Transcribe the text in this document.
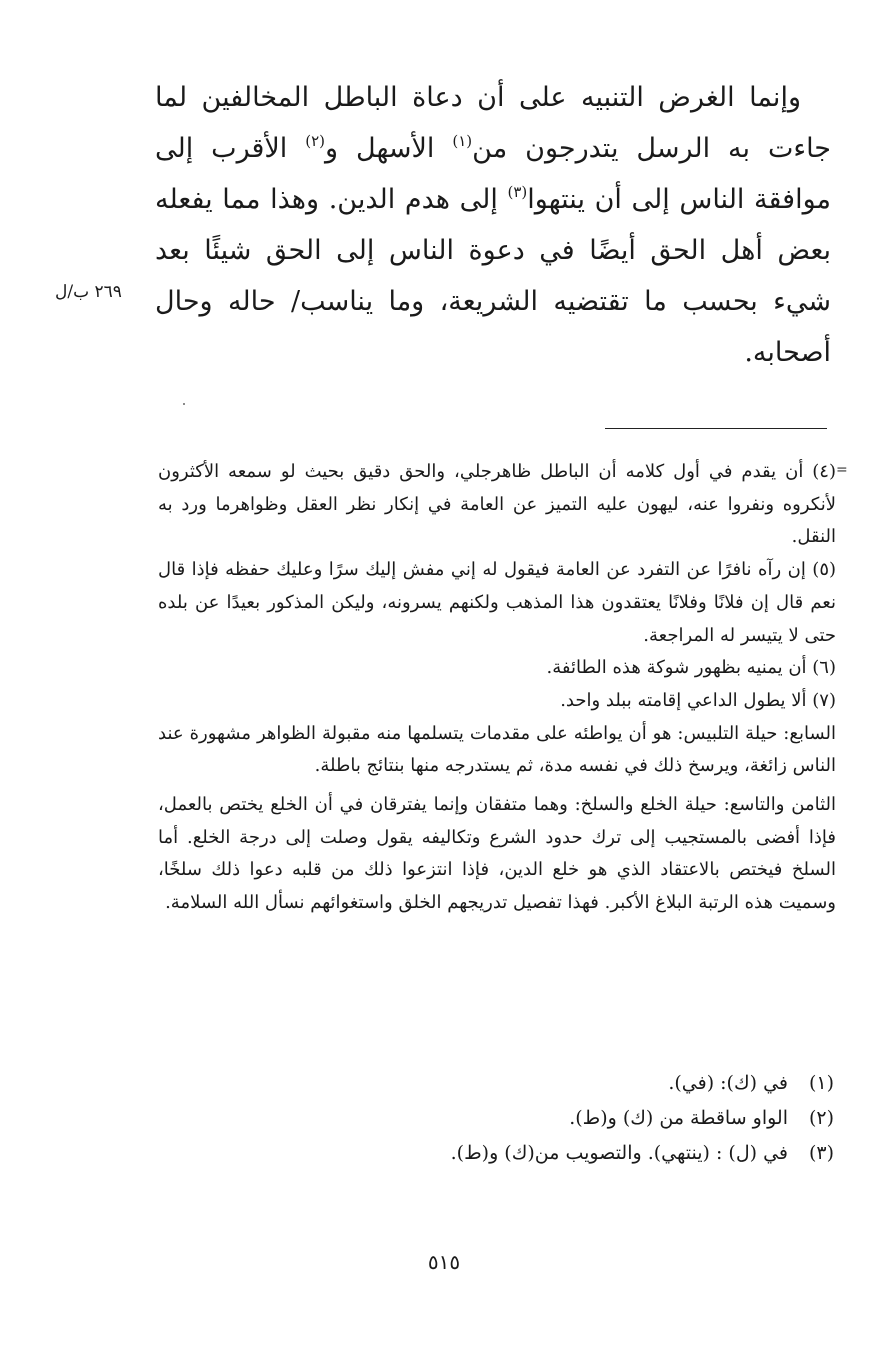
وإنما الغرض التنبيه على أن دعاة الباطل المخالفين لما جاءت به الرسل يتدرجون من$^{(١)}$ الأسهل و$^{(٢)}$ الأقرب إلى موافقة الناس إلى أن ينتهوا$^{(٣)}$ إلى هدم الدين. وهذا مما يفعله بعض أهل الحق أيضًا في دعوة الناس إلى الحق شيئًا بعد شيء بحسب ما تقتضيه الشريعة، وما يناسب/ حاله وحال أصحابه.

٢٦٩ ب/ل
=

(٤) أن يقدم في أول كلامه أن الباطل ظاهرجلي، والحق دقيق بحيث لو سمعه الأكثرون لأنكروه ونفروا عنه، ليهون عليه التميز عن العامة في إنكار نظر العقل وظواهرما ورد به النقل.

(٥) إن رآه نافرًا عن التفرد عن العامة فيقول له إني مفش إليك سرًا وعليك حفظه فإذا قال نعم قال إن فلانًا وفلانًا يعتقدون هذا المذهب ولكنهم يسرونه، وليكن المذكور بعيدًا عن بلده حتى لا يتيسر له المراجعة.

(٦) أن يمنيه بظهور شوكة هذه الطائفة.

(٧) ألا يطول الداعي إقامته ببلد واحد.

السابع: حيلة التلبيس: هو أن يواطئه على مقدمات يتسلمها منه مقبولة الظواهر مشهورة عند الناس زائغة، ويرسخ ذلك في نفسه مدة، ثم يستدرجه منها بنتائج باطلة.

الثامن والتاسع: حيلة الخلع والسلخ: وهما متفقان وإنما يفترقان في أن الخلع يختص بالعمل، فإذا أفضى بالمستجيب إلى ترك حدود الشرع وتكاليفه يقول وصلت إلى درجة الخلع. أما السلخ فيختص بالاعتقاد الذي هو خلع الدين، فإذا انتزعوا ذلك من قلبه دعوا ذلك سلخًا، وسميت هذه الرتبة البلاغ الأكبر. فهذا تفصيل تدريجهم الخلق واستغوائهم نسأل الله السلامة.

(١)في (ك): (في).
(٢)الواو ساقطة من (ك) و(ط).
(٣)في (ل) : (ينتهي). والتصويب من(ك) و(ط).
٥١٥
